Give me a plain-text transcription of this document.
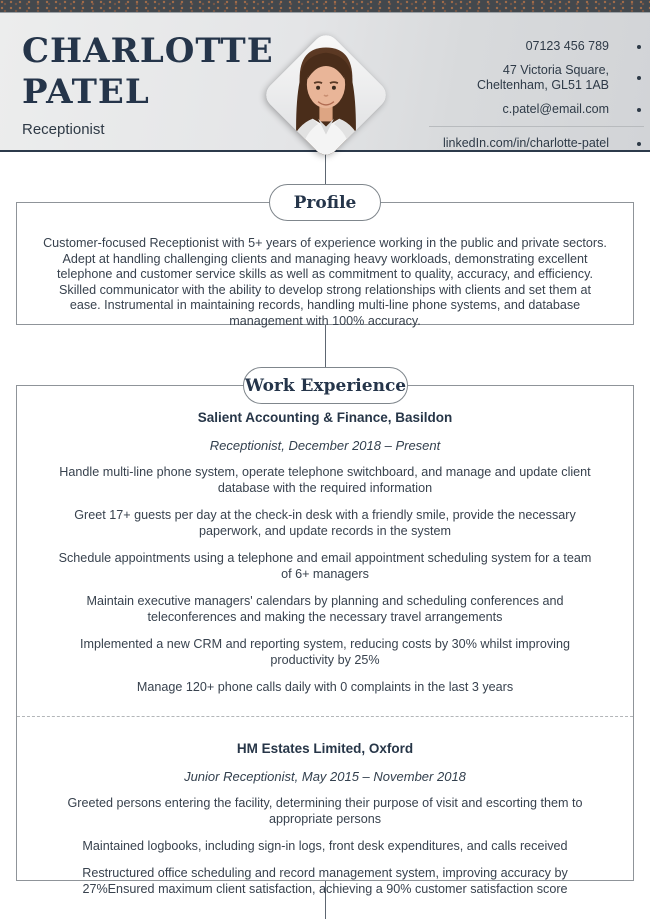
CHARLOTTE
PATEL
Receptionist
07123 456 789
47 Victoria Square,
Cheltenham, GL51 1AB
c.patel@email.com
linkedIn.com/in/charlotte-patel
Profile

Customer-focused Receptionist with 5+ years of experience working in the public and private sectors. Adept at handling challenging clients and managing heavy workloads, demonstrating excellent telephone and customer service skills as well as commitment to quality, accuracy, and efficiency. Skilled communicator with the ability to develop strong relationships with clients and set them at ease. Instrumental in maintaining records, handling multi-line phone systems, and database management with 100% accuracy.

Work Experience
Salient Accounting & Finance, Basildon
Receptionist, December 2018 – Present

Handle multi-line phone system, operate telephone switchboard, and manage and update client database with the required information

Greet 17+ guests per day at the check-in desk with a friendly smile, provide the necessary paperwork, and update records in the system

Schedule appointments using a telephone and email appointment scheduling system for a team of 6+ managers

Maintain executive managers' calendars by planning and scheduling conferences and teleconferences and making the necessary travel arrangements

Implemented a new CRM and reporting system, reducing costs by 30% whilst improving productivity by 25%

Manage 120+ phone calls daily with 0 complaints in the last 3 years

HM Estates Limited, Oxford
Junior Receptionist, May 2015 – November 2018

Greeted persons entering the facility, determining their purpose of visit and escorting them to appropriate persons

Maintained logbooks, including sign-in logs, front desk expenditures, and calls received

Restructured office scheduling and record management system, improving accuracy by 27%Ensured maximum client satisfaction, achieving a 90% customer satisfaction score
